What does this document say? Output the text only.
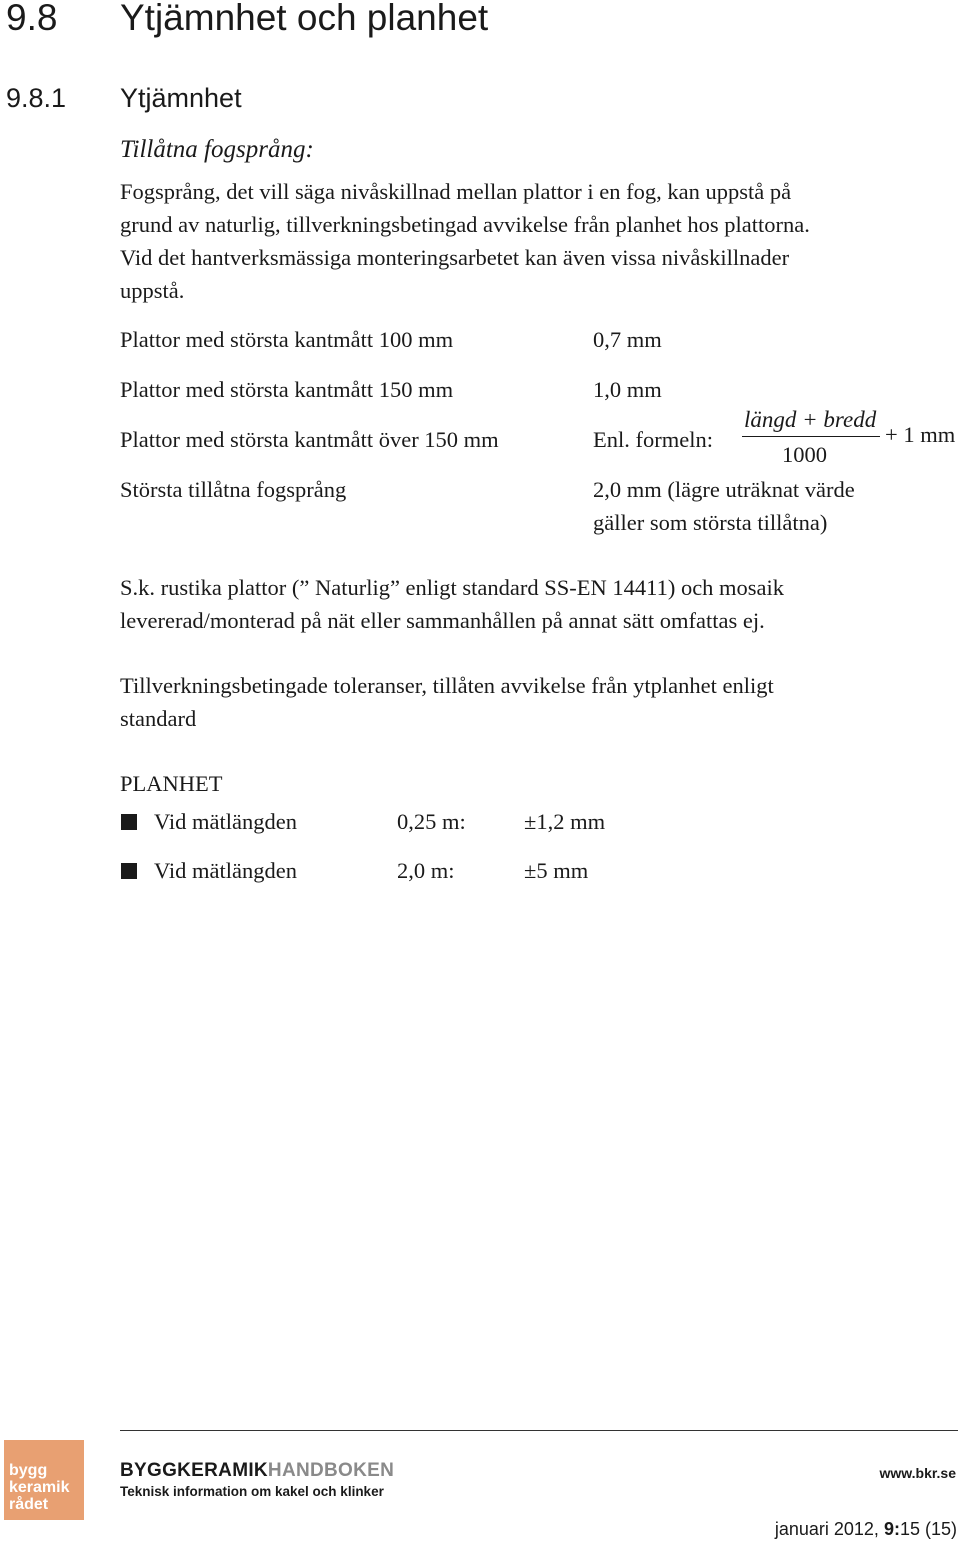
9.8 Ytjämnhet och planhet
9.8.1 Ytjämnhet
Tillåtna fogsprång:
Fogsprång, det vill säga nivåskillnad mellan plattor i en fog, kan uppstå på
grund av naturlig, tillverkningsbetingad avvikelse från planhet hos plattorna.
Vid det hantverksmässiga monteringsarbetet kan även vissa nivåskillnader
uppstå.
Plattor med största kantmått 100 mm	0,7 mm
Plattor med största kantmått 150 mm	1,0 mm
Plattor med största kantmått över 150 mm	Enl. formeln:
längd + bredd
1000
+ 1 mm
Största tillåtna fogsprång	2,0 mm (lägre uträknat värde
gäller som största tillåtna)
S.k. rustika plattor (” Naturlig” enligt standard SS-EN 14411) och mosaik
levererad/monterad på nät eller sammanhållen på annat sätt omfattas ej.
Tillverkningsbetingade toleranser, tillåten avvikelse från ytplanhet enligt
standard
PLANHET
Vid mätlängden	0,25 m:	±1,2 mm
Vid mätlängden	2,0 m:	±5 mm
bygg
keramik
rådet
BYGGKERAMIKHANDBOKEN
Teknisk information om kakel och klinker
www.bkr.se
januari 2012, 9:15 (15)
